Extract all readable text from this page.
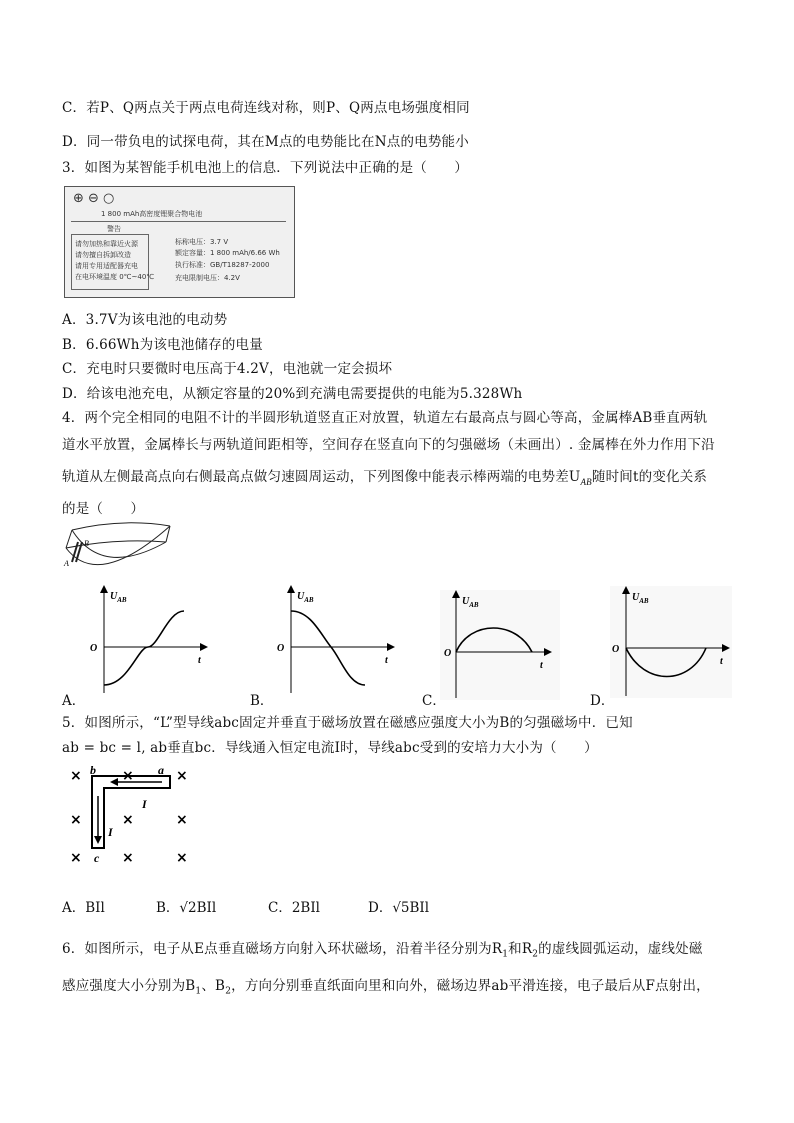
C．若P、Q两点关于两点电荷连线对称，则P、Q两点电场强度相同
D．同一带负电的试探电荷，其在M点的电势能比在N点的电势能小
3．如图为某智能手机电池上的信息．下列说法中正确的是（　　）
⊕ ⊖ ○
1 800 mAh高密度锂聚合物电池
警告
请勿加热和靠近火源
请勿擅自拆卸改造
请用专用适配器充电
在电环境温度 0℃~40℃
标称电压：3.7 V
额定容量：1 800 mAh/6.66 Wh
执行标准：GB/T18287-2000
充电限制电压：4.2V
A．3.7V为该电池的电动势
B．6.66Wh为该电池储存的电量
C．充电时只要微时电压高于4.2V，电池就一定会损坏
D．给该电池充电，从额定容量的20%到充满电需要提供的电能为5.328Wh
4．两个完全相同的电阻不计的半圆形轨道竖直正对放置，轨道左右最高点与圆心等高，金属棒AB垂直两轨
道水平放置，金属棒长与两轨道间距相等，空间存在竖直向下的匀强磁场（未画出）. 金属棒在外力作用下沿
轨道从左侧最高点向右侧最高点做匀速圆周运动，下列图像中能表示棒两端的电势差$U_{AB}$随时间t的变化关系
的是（　　）
B
A
$U_{AB}$
O
t
$U_{AB}$
O
t
$U_{AB}$
O
t
$U_{AB}$
O
t
A．	B．	C．	D．
5．如图所示，“L”型导线abc固定并垂直于磁场放置在磁感应强度大小为B的匀强磁场中．已知
ab = bc = l, ab垂直bc．导线通入恒定电流I时，导线abc受到的安培力大小为（　　）
×	×	×
×	×	×
×	×	×
b	a
c
I
I
A．BIl	B．√2BIl	C．2BIl	D．√5BIl
6．如图所示，电子从E点垂直磁场方向射入环状磁场，沿着半径分别为$R_1$和$R_2$的虚线圆弧运动，虚线处磁
感应强度大小分别为$B_1$、$B_2$，方向分别垂直纸面向里和向外，磁场边界ab平滑连接，电子最后从F点射出，
